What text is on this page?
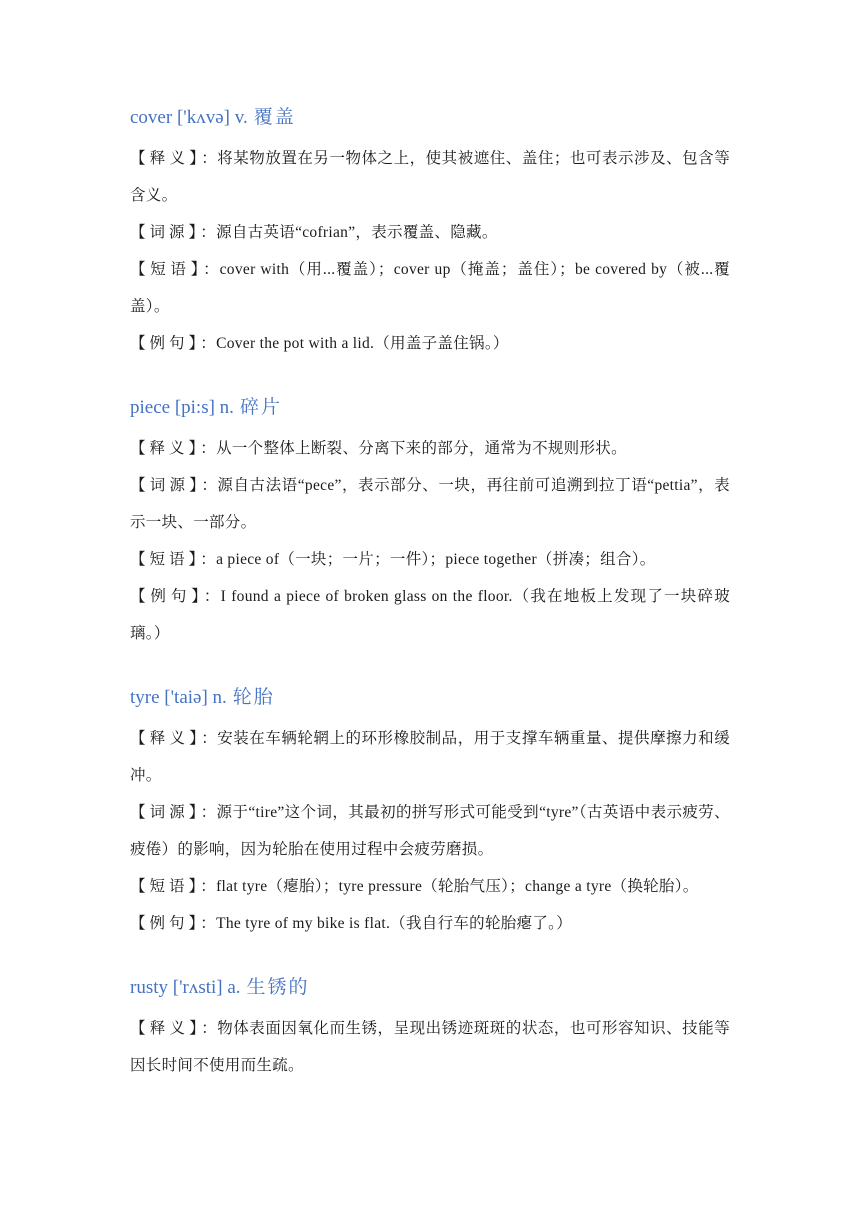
cover ['kʌvə] v. 覆盖
【释义】：将某物放置在另一物体之上，使其被遮住、盖住；也可表示涉及、包含等含义。
【词源】：源自古英语“cofrian”，表示覆盖、隐藏。
【短语】：cover with（用...覆盖）；cover up（掩盖；盖住）；be covered by（被...覆盖）。
【例句】：Cover the pot with a lid.（用盖子盖住锅。）
piece [pi:s] n. 碎片
【释义】：从一个整体上断裂、分离下来的部分，通常为不规则形状。
【词源】：源自古法语“pece”，表示部分、一块，再往前可追溯到拉丁语“pettia”，表示一块、一部分。
【短语】：a piece of（一块；一片；一件）；piece together（拼凑；组合）。
【例句】：I found a piece of broken glass on the floor.（我在地板上发现了一块碎玻璃。）
tyre ['taiə] n. 轮胎
【释义】：安装在车辆轮辋上的环形橡胶制品，用于支撑车辆重量、提供摩擦力和缓冲。
【词源】：源于“tire”这个词，其最初的拼写形式可能受到“tyre”（古英语中表示疲劳、疲倦）的影响，因为轮胎在使用过程中会疲劳磨损。
【短语】：flat tyre（瘪胎）；tyre pressure（轮胎气压）；change a tyre（换轮胎）。
【例句】：The tyre of my bike is flat.（我自行车的轮胎瘪了。）
rusty ['rʌsti] a. 生锈的
【释义】：物体表面因氧化而生锈，呈现出锈迹斑斑的状态，也可形容知识、技能等因长时间不使用而生疏。
